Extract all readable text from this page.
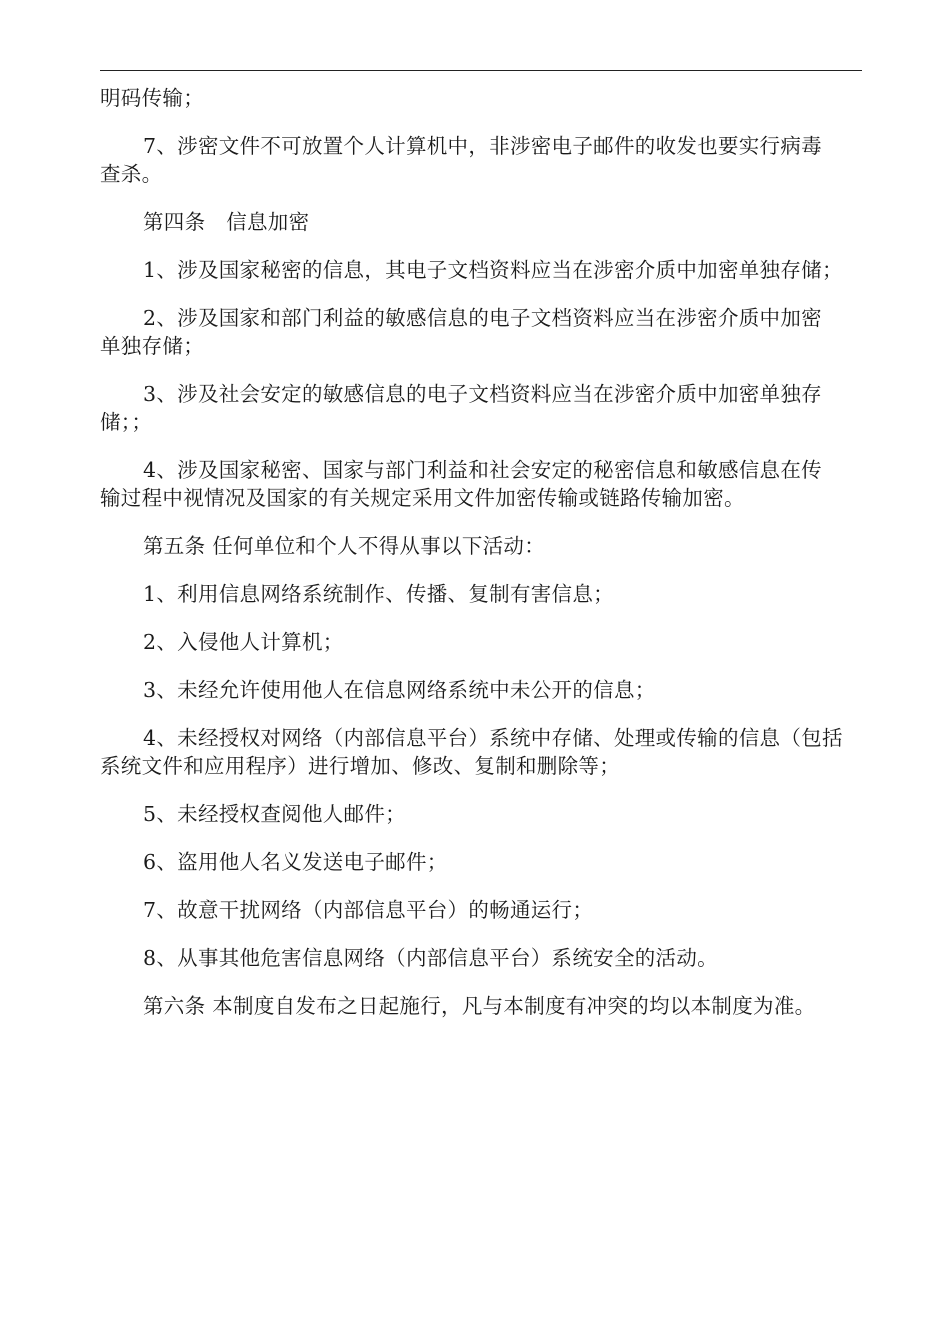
明码传输；
7、涉密文件不可放置个人计算机中，非涉密电子邮件的收发也要实行病毒
查杀。
第四条　信息加密
1、涉及国家秘密的信息，其电子文档资料应当在涉密介质中加密单独存储；
2、涉及国家和部门利益的敏感信息的电子文档资料应当在涉密介质中加密
单独存储；
3、涉及社会安定的敏感信息的电子文档资料应当在涉密介质中加密单独存
储；；
4、涉及国家秘密、国家与部门利益和社会安定的秘密信息和敏感信息在传
输过程中视情况及国家的有关规定采用文件加密传输或链路传输加密。
第五条 任何单位和个人不得从事以下活动：
1、利用信息网络系统制作、传播、复制有害信息；
2、入侵他人计算机；
3、未经允许使用他人在信息网络系统中未公开的信息；
4、未经授权对网络（内部信息平台）系统中存储、处理或传输的信息（包括
系统文件和应用程序）进行增加、修改、复制和删除等；
5、未经授权查阅他人邮件；
6、盗用他人名义发送电子邮件；
7、故意干扰网络（内部信息平台）的畅通运行；
8、从事其他危害信息网络（内部信息平台）系统安全的活动。
第六条 本制度自发布之日起施行，凡与本制度有冲突的均以本制度为准。
